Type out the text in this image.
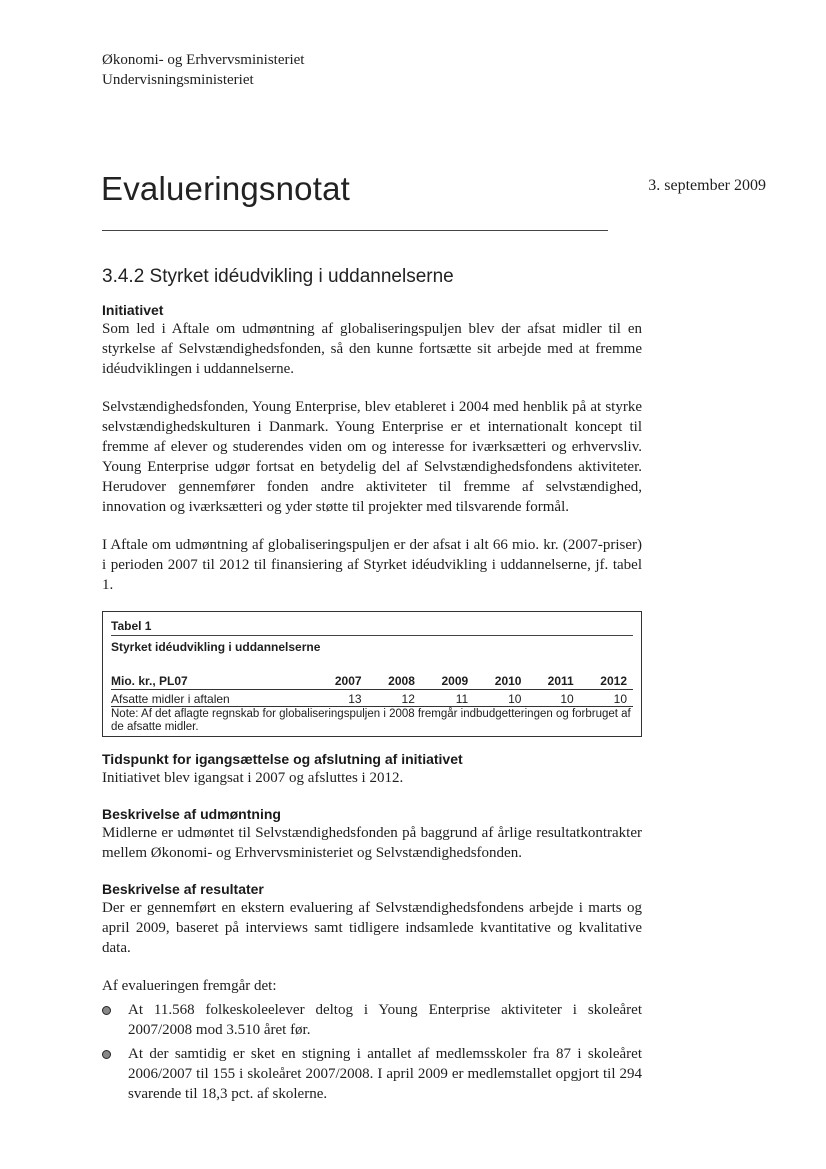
Økonomi- og Erhvervsministeriet
Undervisningsministeriet
Evalueringsnotat	3. september 2009
3.4.2 Styrket idéudvikling i uddannelserne
Initiativet

Som led i Aftale om udmøntning af globaliseringspuljen blev der afsat midler til en styrkelse af Selvstændighedsfonden, så den kunne fortsætte sit arbejde med at fremme idéudviklingen i uddannelserne.

Selvstændighedsfonden, Young Enterprise, blev etableret i 2004 med henblik på at styrke selvstændighedskulturen i Danmark. Young Enterprise er et internationalt koncept til fremme af elever og studerendes viden om og interesse for iværksætteri og erhvervsliv. Young Enterprise udgør fortsat en betydelig del af Selvstændighedsfondens aktiviteter. Herudover gennemfører fonden andre aktiviteter til fremme af selvstændighed, innovation og iværksætteri og yder støtte til projekter med tilsvarende formål.

I Aftale om udmøntning af globaliseringspuljen er der afsat i alt 66 mio. kr. (2007-priser) i perioden 2007 til 2012 til finansiering af Styrket idéudvikling i uddannelserne, jf. tabel 1.

Tabel 1
Styrket idéudvikling i uddannelserne
Mio. kr., PL07	2007	2008	2009	2010	2011	2012
Afsatte midler i aftalen	13	12	11	10	10	10
Note: Af det aflagte regnskab for globaliseringspuljen i 2008 fremgår indbudgetteringen og forbruget af de afsatte midler.
Tidspunkt for igangsættelse og afslutning af initiativet

Initiativet blev igangsat i 2007 og afsluttes i 2012.

Beskrivelse af udmøntning

Midlerne er udmøntet til Selvstændighedsfonden på baggrund af årlige resultatkontrakter mellem Økonomi- og Erhvervsministeriet og Selvstændighedsfonden.

Beskrivelse af resultater

Der er gennemført en ekstern evaluering af Selvstændighedsfondens arbejde i marts og april 2009, baseret på interviews samt tidligere indsamlede kvantitative og kvalitative data.

Af evalueringen fremgår det:

At 11.568 folkeskoleelever deltog i Young Enterprise aktiviteter i skoleåret 2007/2008 mod 3.510 året før.

At der samtidig er sket en stigning i antallet af medlemsskoler fra 87 i skoleåret 2006/2007 til 155 i skoleåret 2007/2008. I april 2009 er medlemstallet opgjort til 294 svarende til 18,3 pct. af skolerne.
